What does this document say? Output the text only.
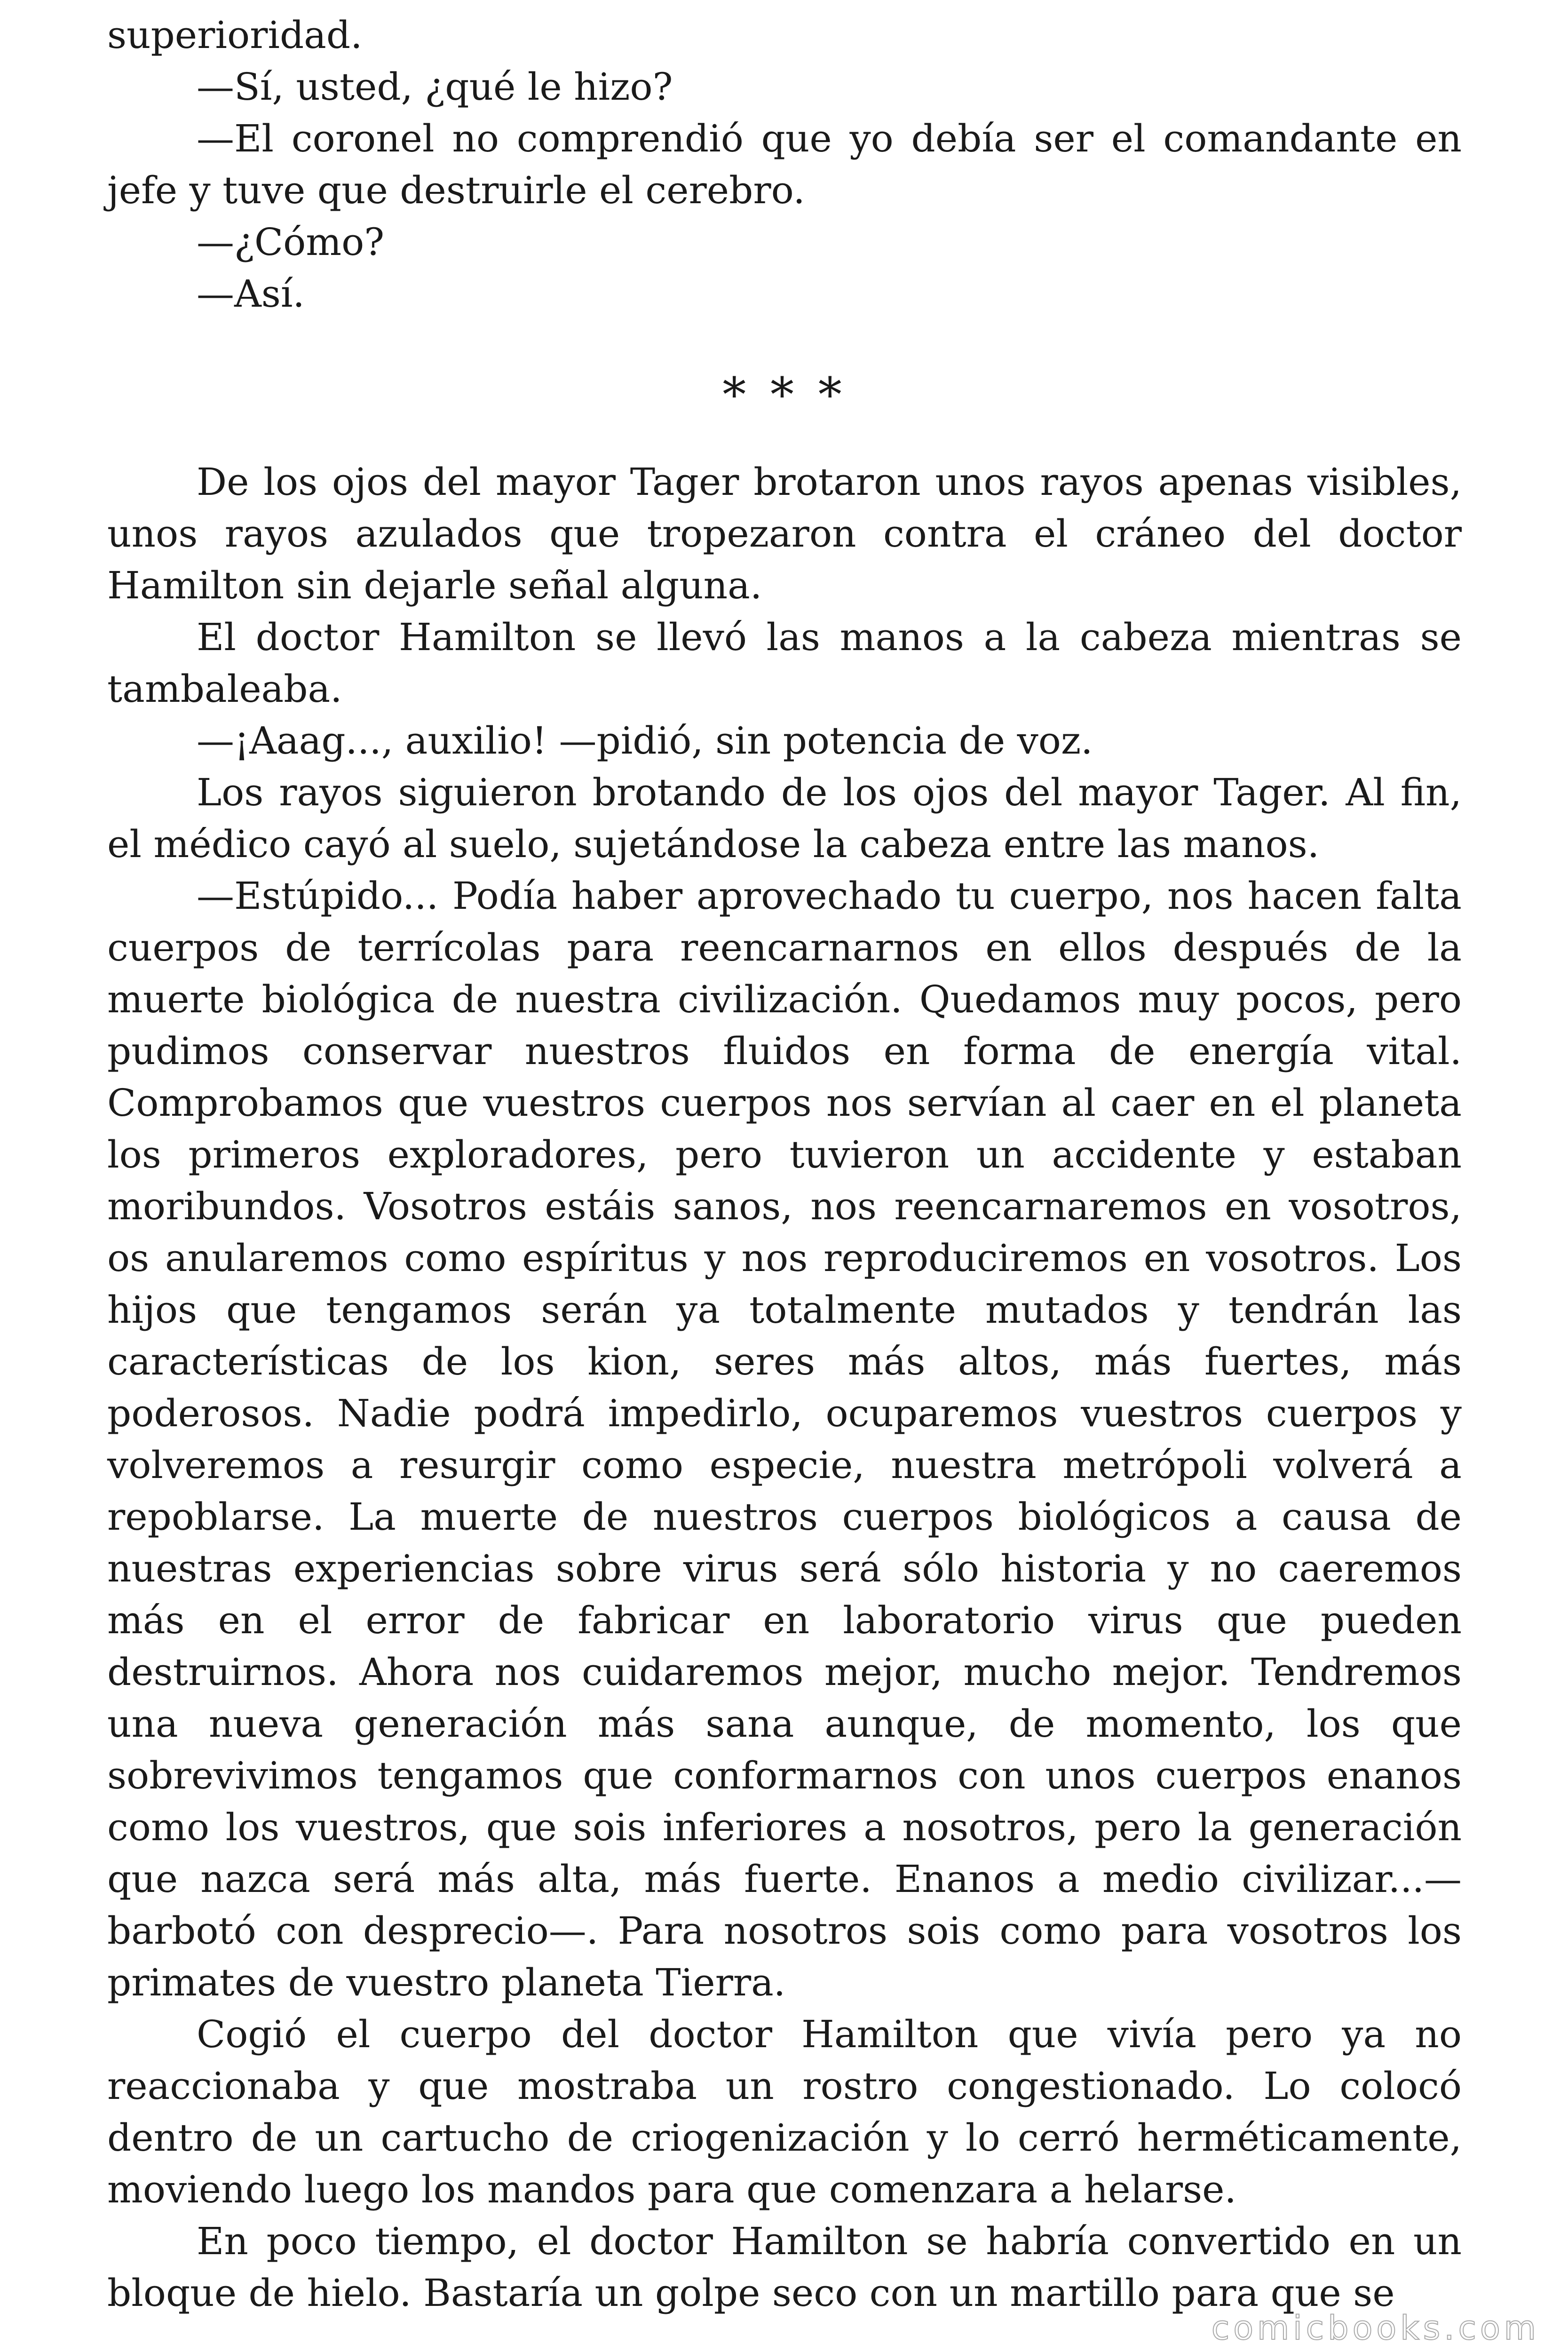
superioridad.

—Sí, usted, ¿qué le hizo?

—El coronel no comprendió que yo debía ser el comandante en jefe y tuve que destruirle el cerebro.

—¿Cómo?

—Así.

* * *

De los ojos del mayor Tager brotaron unos rayos apenas visibles, unos rayos azulados que tropezaron contra el cráneo del doctor Hamilton sin dejarle señal alguna.

El doctor Hamilton se llevó las manos a la cabeza mientras se tambaleaba.

—¡Aaag..., auxilio! —pidió, sin potencia de voz.

Los rayos siguieron brotando de los ojos del mayor Tager. Al fin, el médico cayó al suelo, sujetándose la cabeza entre las manos.

—Estúpido... Podía haber aprovechado tu cuerpo, nos hacen falta cuerpos de terrícolas para reencarnarnos en ellos después de la muerte biológica de nuestra civilización. Quedamos muy pocos, pero pudimos conservar nuestros fluidos en forma de energía vital. Comprobamos que vuestros cuerpos nos servían al caer en el planeta los primeros exploradores, pero tuvieron un accidente y estaban moribundos. Vosotros estáis sanos, nos reencarnaremos en vosotros, os anularemos como espíritus y nos reproduciremos en vosotros. Los hijos que tengamos serán ya totalmente mutados y tendrán las características de los kion, seres más altos, más fuertes, más poderosos. Nadie podrá impedirlo, ocuparemos vuestros cuerpos y volveremos a resurgir como especie, nuestra metrópoli volverá a repoblarse. La muerte de nuestros cuerpos biológicos a causa de nuestras experiencias sobre virus será sólo historia y no caeremos más en el error de fabricar en laboratorio virus que pueden destruirnos. Ahora nos cuidaremos mejor, mucho mejor. Tendremos una nueva generación más sana aunque, de momento, los que sobrevivimos tengamos que conformarnos con unos cuerpos enanos como los vuestros, que sois inferiores a nosotros, pero la generación que nazca será más alta, más fuerte. Enanos a medio civilizar...—barbotó con desprecio—. Para nosotros sois como para vosotros los primates de vuestro planeta Tierra.

Cogió el cuerpo del doctor Hamilton que vivía pero ya no reaccionaba y que mostraba un rostro congestionado. Lo colocó dentro de un cartucho de criogenización y lo cerró herméticamente, moviendo luego los mandos para que comenzara a helarse.

En poco tiempo, el doctor Hamilton se habría convertido en un bloque de hielo. Bastaría un golpe seco con un martillo para que se

comicbooks.com
